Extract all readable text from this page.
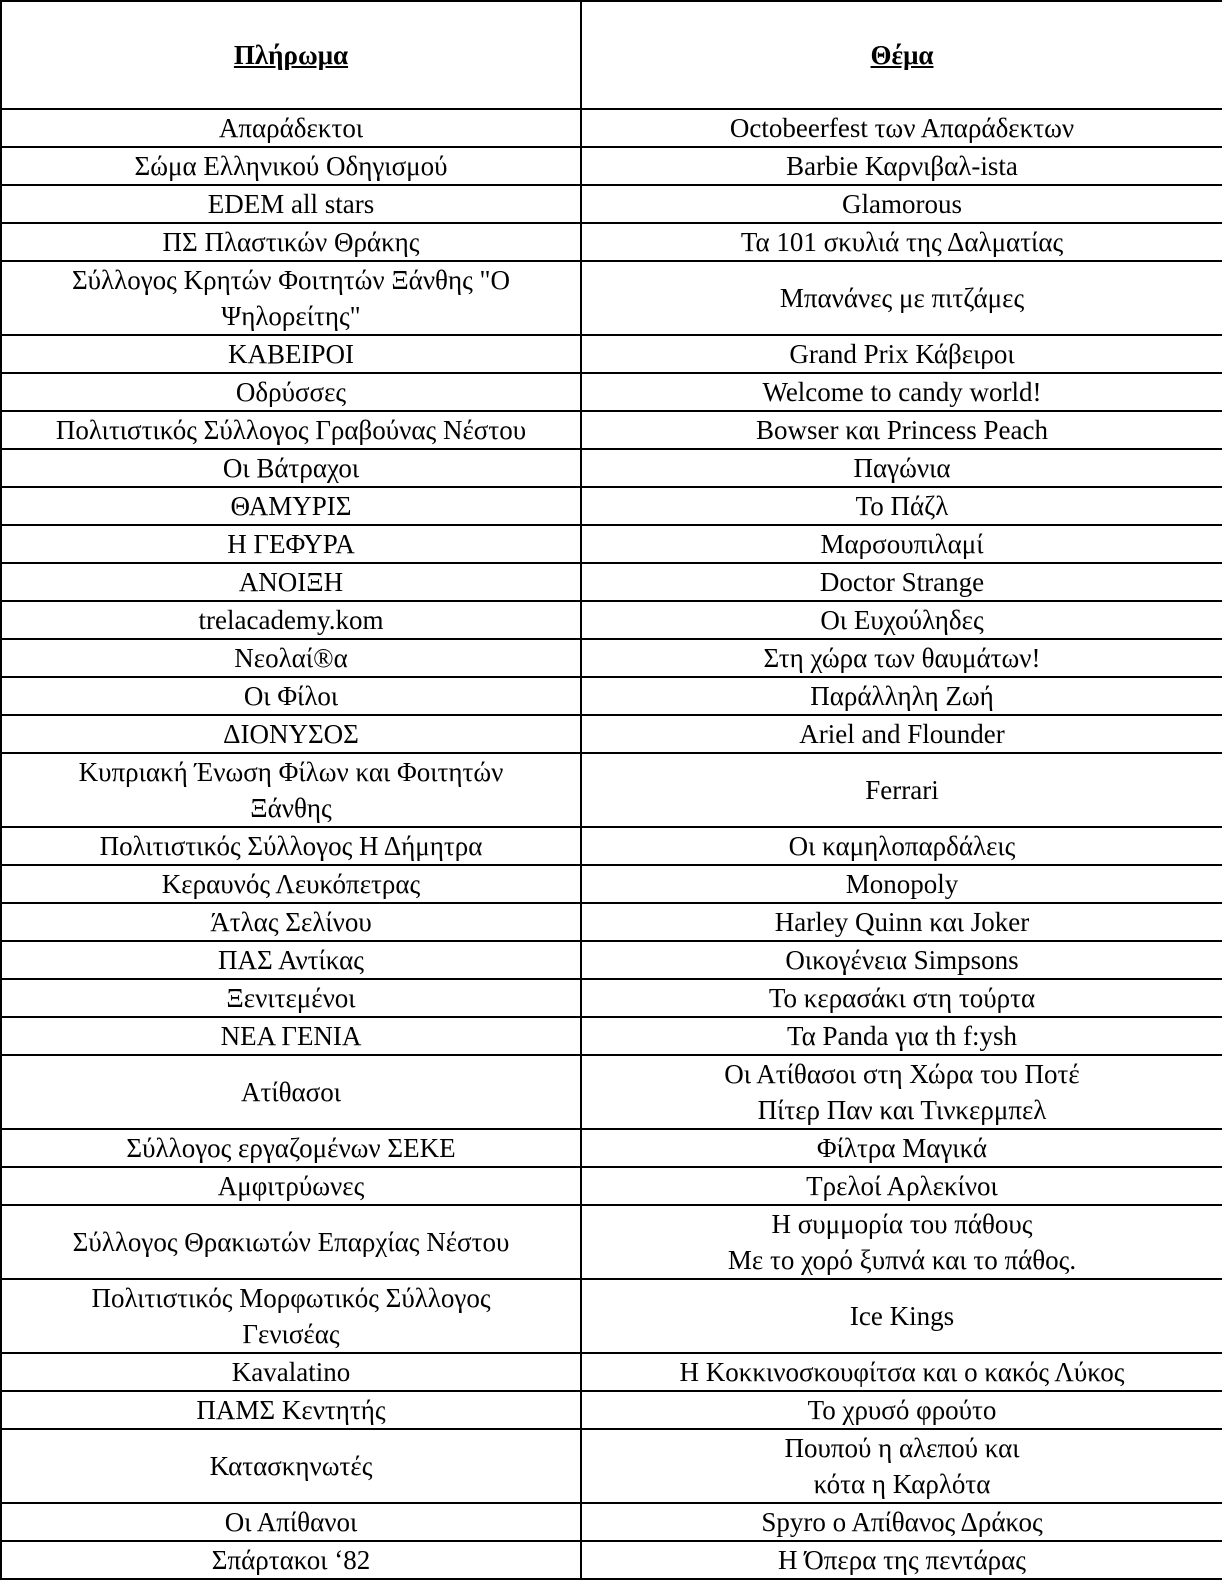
Πλήρωμα	Θέμα

Απαράδεκτοι	Octobeerfest των Απαράδεκτων

Σώμα Ελληνικού Οδηγισμού	Barbie Καρνιβαλ-ista

EDEM all stars	Glamorous

ΠΣ Πλαστικών Θράκης	Τα 101 σκυλιά της Δαλματίας

Σύλλογος Κρητών Φοιτητών Ξάνθης "Ο
Ψηλορείτης"	Μπανάνες με πιτζάμες

ΚΑΒΕΙΡΟΙ	Grand Prix Κάβειροι

Οδρύσσες	Welcome to candy world!

Πολιτιστικός Σύλλογος Γραβούνας Νέστου	Bowser και Princess Peach

Οι Βάτραχοι	Παγώνια

ΘΑΜΥΡΙΣ	Το Πάζλ

Η ΓΕΦΥΡΑ	Μαρσουπιλαμί

ΑΝΟΙΞΗ	Doctor Strange

trelacademy.kom	Οι Ευχούληδες

Νεολαί®α	Στη χώρα των θαυμάτων!

Οι Φίλοι	Παράλληλη Ζωή

ΔΙΟΝΥΣΟΣ	Ariel and Flounder

Κυπριακή Ένωση Φίλων και Φοιτητών
Ξάνθης	Ferrari

Πολιτιστικός Σύλλογος Η Δήμητρα	Οι καμηλοπαρδάλεις

Κεραυνός Λευκόπετρας	Monopoly

Άτλας Σελίνου	Harley Quinn και Joker

ΠΑΣ Αντίκας	Οικογένεια Simpsons

Ξενιτεμένοι	Το κερασάκι στη τούρτα

ΝΕΑ ΓΕΝΙΑ	Τα Panda για th f:ysh

Ατίθασοι	Οι Ατίθασοι στη Χώρα του Ποτέ
Πίτερ Παν και Τινκερμπελ

Σύλλογος εργαζομένων ΣΕΚΕ	Φίλτρα Μαγικά

Αμφιτρύωνες	Τρελοί Αρλεκίνοι

Σύλλογος Θρακιωτών Επαρχίας Νέστου	Η συμμορία του πάθους
Με το χορό ξυπνά και το πάθος.

Πολιτιστικός Μορφωτικός Σύλλογος
Γενισέας	Ice Kings

Kavalatino	Η Κοκκινοσκουφίτσα και ο κακός Λύκος

ΠΑΜΣ Κεντητής	Το χρυσό φρούτο

Κατασκηνωτές	Πουπού η αλεπού και
κότα η Καρλότα

Οι Απίθανοι	Spyro ο Απίθανος Δράκος

Σπάρτακοι ‘82	Η Όπερα της πεντάρας
